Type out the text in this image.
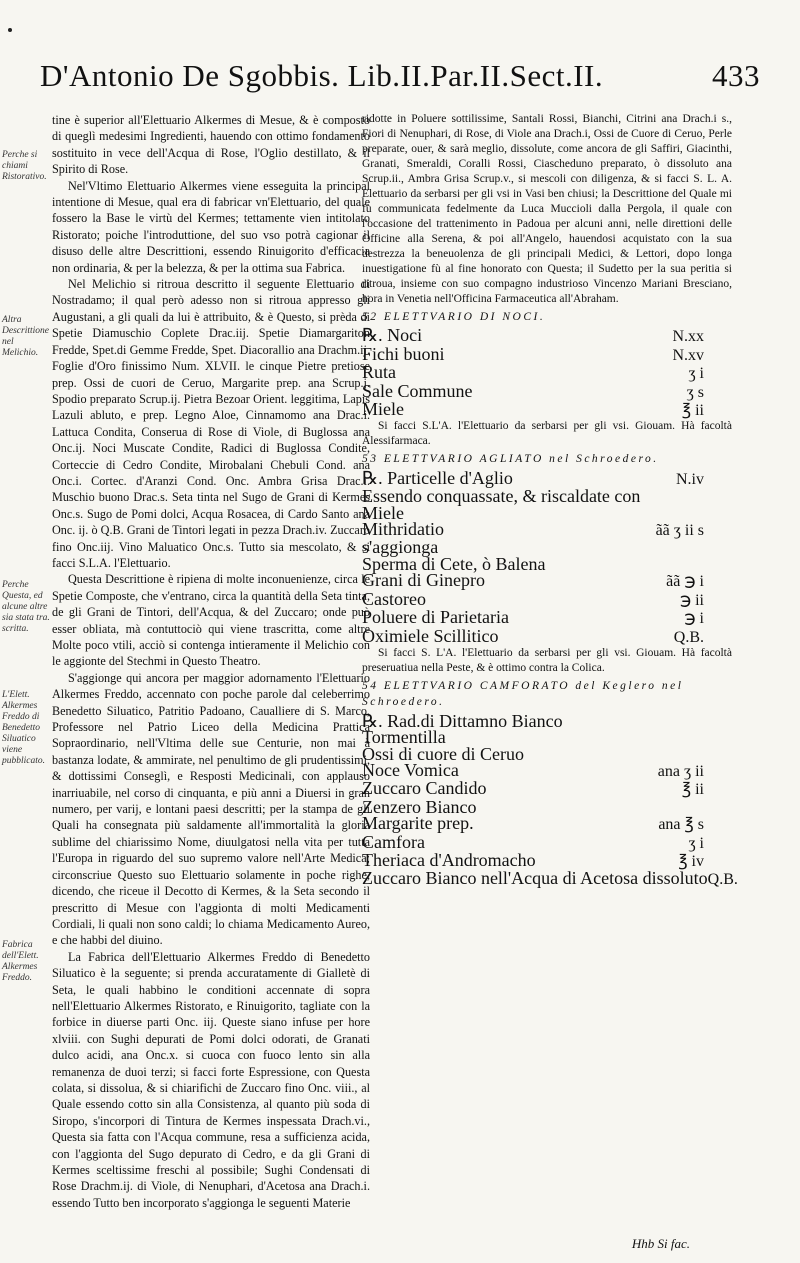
D'Antonio De Sgobbis. Lib.II.Par.II.Sect.II.	433
Perche si chiami Ristorativo.
Altra Descrittione nel Melichio.
Perche Questa, ed alcune altre sia stata tra. scritta.
L'Elett. Alkermes Freddo di Benedetto Siluatico viene pubblicato.
Fabrica dell'Elett. Alkermes Freddo.

tine è superior all'Elettuario Alkermes di Mesue, & è composto di queglì medesimi Ingredienti, hauendo con ottimo fondamento sostituito in vece dell'Acqua di Rose, l'Oglio destillato, & il Spirito di Rose.

Nel'Vltimo Elettuario Alkermes viene esseguita la principal intentione di Mesue, qual era di fabricar vn'Elettuario, del quale fossero la Base le virtù del Kermes; tettamente vien intitolato Ristorato; poiche l'introduttione, del suo vso potrà cagionar il disuso delle altre Descrittioni, essendo Rinuigorito d'efficacia non ordinaria, & per la belezza, & per la ottima sua Fabrica.

Nel Melichio si ritroua descritto il seguente Elettuario di Nostradamo; il qual però adesso non si ritroua appresso gli Augustani, a gli quali da lui è attribuito, & è Questo, si prèda di Spetie Diamuschio Coplete Drac.iij. Spetie Diamargariton Fredde, Spet.di Gemme Fredde, Spet. Diacorallio ana Drachm.ij. Foglie d'Oro finissimo Num. XLVII. le cinque Pietre pretiose prep. Ossi de cuori de Ceruo, Margarite prep. ana Scrup.j. Spodio preparato Scrup.ij. Pietra Bezoar Orient. leggitima, Lapis Lazuli abluto, e prep. Legno Aloe, Cinnamomo ana Drac.i. Lattuca Condita, Conserua di Rose di Viole, di Buglossa ana Onc.ij. Noci Muscate Condite, Radici di Buglossa Condite, Corteccie di Cedro Condite, Mirobalani Chebuli Cond. ana Onc.i. Cortec. d'Aranzi Cond. Onc. Ambra Grisa Drac.i. Muschio buono Drac.s. Seta tinta nel Sugo de Grani di Kermes Onc.s. Sugo de Pomi dolci, Acqua Rosacea, di Cardo Santo ana Onc. ij. ò Q.B. Grani de Tintori legati in pezza Drach.iv. Zuccaro fino Onc.iij. Vino Maluatico Onc.s. Tutto sia mescolato, & si facci S.L.A. l'Elettuario.

Questa Descrittione è ripiena di molte inconuenienze, circa le Spetie Composte, che v'entrano, circa la quantità della Seta tinta, de gli Grani de Tintori, dell'Acqua, & del Zuccaro; onde può esser obliata, mà contuttociò qui viene trascritta, come altre Molte poco vtili, acciò si contenga intieramente il Melichio con le aggionte del Stechmi in Questo Theatro.

S'aggionge qui ancora per maggior adornamento l'Elettuario Alkermes Freddo, accennato con poche parole dal celeberrimo Benedetto Siluatico, Patritio Padoano, Caualliere di S. Marco, Professore nel Patrio Liceo della Medicina Prattica Sopraordinario, nell'Vltima delle sue Centurie, non mai à bastanza lodate, & ammirate, nel penultimo de gli prudentissimi, & dottissimi Conseglì, e Resposti Medicinali, con applauso inarriuabile, nel corso di cinquanta, e più anni a Diuersi in gran numero, per varij, e lontani paesi descritti; per la stampa de gli Quali ha consegnata più saldamente all'immortalità la gloria sublime del chiarissimo Nome, diuulgatosi nella vita per tutta l'Europa in riguardo del suo supremo valore nell'Arte Medica; circonscriue Questo suo Elettuario solamente in poche righe, dicendo, che riceue il Decotto di Kermes, & la Seta secondo il prescritto di Mesue con l'aggionta di molti Medicamenti Cordiali, li quali non sono caldi; lo chiama Medicamento Aureo, e che habbi del diuino.

La Fabrica dell'Elettuario Alkermes Freddo di Benedetto Siluatico è la seguente; si prenda accuratamente di Gialletè di Seta, le quali habbino le conditioni accennate di sopra nell'Elettuario Alkermes Ristorato, e Rinuigorito, tagliate con la forbice in diuerse parti Onc. iij. Queste siano infuse per hore xlviii. con Sughi depurati de Pomi dolci odorati, de Granati dulco acidi, ana Onc.x. si cuoca con fuoco lento sin alla remanenza de duoi terzi; si facci forte Espressione, con Questa colata, si dissolua, & si chiarifichi de Zuccaro fino Onc. viii., al Quale essendo cotto sin alla Consistenza, al quanto più soda di Siropo, s'incorpori di Tintura de Kermes inspessata Drach.vi., Questa sia fatta con l'Acqua commune, resa a sufficienza acida, con l'aggionta del Sugo depurato di Cedro, e da gli Grani di Kermes sceltissime freschi al possibile; Sughi Condensati di Rose Drachm.ij. di Viole, di Nenuphari, d'Acetosa ana Drach.i. essendo Tutto ben incorporato s'aggionga le seguenti Materie

ridotte in Poluere sottilissime, Santali Rossi, Bianchi, Citrini ana Drach.i s., Fiori di Nenuphari, di Rose, di Viole ana Drach.i, Ossi de Cuore di Ceruo, Perle preparate, ouer, & sarà meglio, dissolute, come ancora de gli Saffiri, Giacinthi, Granati, Smeraldi, Coralli Rossi, Ciascheduno preparato, ò dissoluto ana Scrup.ii., Ambra Grisa Scrup.v., si mescoli con diligenza, & si facci S. L. A. Elettuario da serbarsi per gli vsi in Vasi ben chiusi; la Descrittione del Quale mi fù communicata fedelmente da Luca Muccioli dalla Pergola, il quale con l'occasione del trattenimento in Padoua per alcuni anni, nelle direttioni delle Officine alla Serena, & poi all'Angelo, hauendosi acquistato con la sua destrezza la beneuolenza de gli principali Medici, & Lettori, dopo longa inuestigatione fù al fine honorato con Questa; il Sudetto per la sua peritia si ritroua, insieme con suo compagno industrioso Vincenzo Mariani Bresciano, hora in Venetia nell'Officina Farmaceutica all'Abraham.

52 ELETTVARIO DI NOCI.
℞. Noci	N.xx
Fichi buoni	N.xv
Ruta	ʒ i
Sale Commune	ʒ s
Miele	℥ ii

Si facci S.L'A. l'Elettuario da serbarsi per gli vsi. Giouam. Hà facoltà Alessifarmaca.

53 ELETTVARIO AGLIATO nel Schroedero.
℞. Particelle d'Aglio	N.iv
Essendo conquassate, & riscaldate con
Miele
Mithridatio	ãã ʒ ii s
s'aggionga
Sperma di Cete, ò Balena
Grani di Ginepro	ãã ℈ i
Castoreo	℈ ii
Poluere di Parietaria	℈ i
Oximiele Scillitico	Q.B.

Si facci S. L'A. l'Elettuario da serbarsi per gli vsi. Giouam. Hà facoltà preseruatiua nella Peste, & è ottimo contra la Colica.

54 ELETTVARIO CAMFORATO del Keglero nel Schroedero.
℞. Rad.di Dittamno Bianco
Tormentilla
Ossi di cuore di Ceruo
Noce Vomica	ana ʒ ii
Zuccaro Candido	℥ ii
Zenzero Bianco
Margarite prep.	ana ℥ s
Camfora	ʒ i
Theriaca d'Andromacho	℥ iv
Zuccaro Bianco nell'Acqua di Acetosa dissoluto Q.B.
Hhb Si fac.
